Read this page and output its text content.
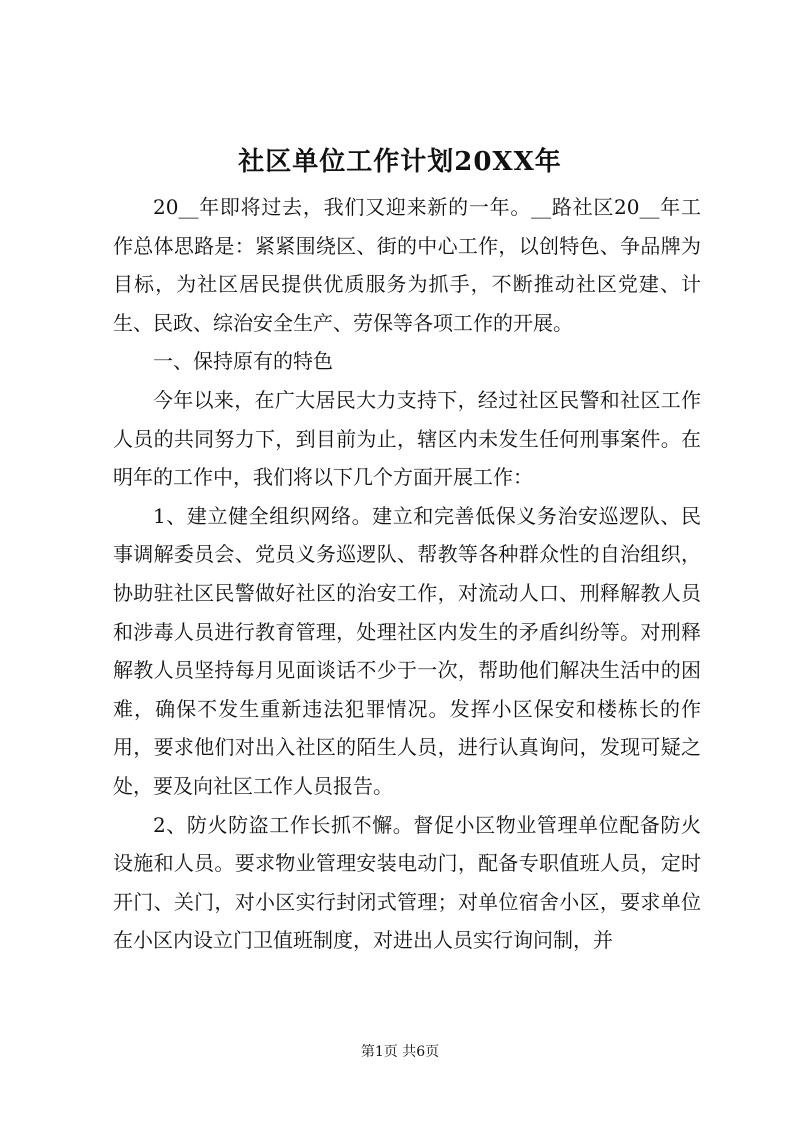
社区单位工作计划20XX年

20__年即将过去，我们又迎来新的一年。__路社区20__年工作总体思路是：紧紧围绕区、街的中心工作，以创特色、争品牌为目标，为社区居民提供优质服务为抓手，不断推动社区党建、计生、民政、综治安全生产、劳保等各项工作的开展。

一、保持原有的特色

今年以来，在广大居民大力支持下，经过社区民警和社区工作人员的共同努力下，到目前为止，辖区内未发生任何刑事案件。在明年的工作中，我们将以下几个方面开展工作：

1、建立健全组织网络。建立和完善低保义务治安巡逻队、民事调解委员会、党员义务巡逻队、帮教等各种群众性的自治组织，协助驻社区民警做好社区的治安工作，对流动人口、刑释解教人员和涉毒人员进行教育管理，处理社区内发生的矛盾纠纷等。对刑释解教人员坚持每月见面谈话不少于一次，帮助他们解决生活中的困难，确保不发生重新违法犯罪情况。发挥小区保安和楼栋长的作用，要求他们对出入社区的陌生人员，进行认真询问，发现可疑之处，要及向社区工作人员报告。

2、防火防盗工作长抓不懈。督促小区物业管理单位配备防火设施和人员。要求物业管理安装电动门，配备专职值班人员，定时开门、关门，对小区实行封闭式管理；对单位宿舍小区，要求单位在小区内设立门卫值班制度，对进出人员实行询问制，并

第1页 共6页
